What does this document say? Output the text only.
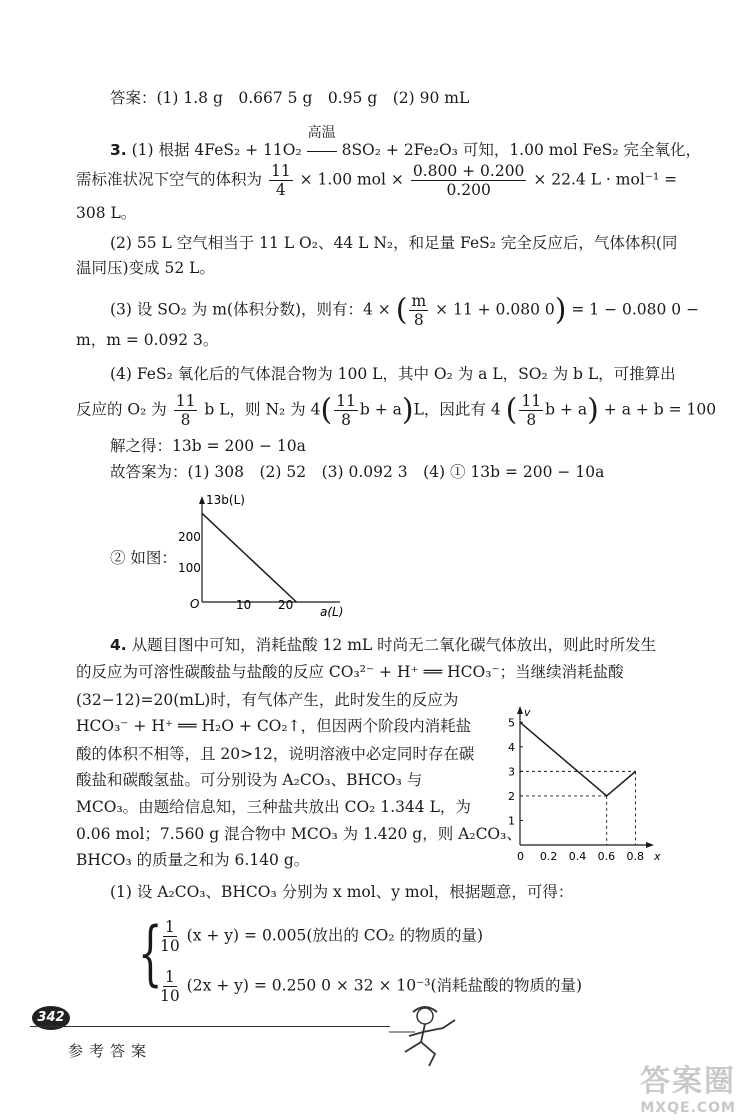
答案：(1) 1.8 g　0.667 5 g　0.95 g　(2) 90 mL
3. (1) 根据 4FeS₂ + 11O₂
高温
8SO₂ + 2Fe₂O₃ 可知，1.00 mol FeS₂ 完全氧化，
需标准状况下空气的体积为 $\frac{11}{4} \times 1.00$ mol × $\frac{0.800 + 0.200}{0.200} \times 22.4$ L · mol⁻¹ =
308 L。
(2) 55 L 空气相当于 11 L O₂、44 L N₂，和足量 FeS₂ 完全反应后，气体体积(同
温同压)变成 52 L。
(3) 设 SO₂ 为 m(体积分数)，则有：4 × ( $\frac{m}{8} \times 11 + 0.080$ 0) = 1 − 0.080 0 −
m，m = 0.092 3。
(4) FeS₂ 氧化后的气体混合物为 100 L，其中 O₂ 为 a L，SO₂ 为 b L，可推算出
反应的 O₂ 为 $\frac{11}{8}$ b L，则 N₂ 为 $4( \frac{11}{8}$ b + a)L，因此有 4 ( $\frac{11}{8}$ b + a) + a + b = 100
解之得：13b = 200 − 10a
故答案为：(1) 308　(2) 52　(3) 0.092 3　(4) ① 13b = 200 − 10a
② 如图：
13b(L)
a(L)
O
100
200
10 20
4. 从题目图中可知，消耗盐酸 12 mL 时尚无二氧化碳气体放出，则此时所发生
的反应为可溶性碳酸盐与盐酸的反应 CO₃²⁻ + H⁺ ══ HCO₃⁻；当继续消耗盐酸
(32−12)=20(mL)时，有气体产生，此时发生的反应为
HCO₃⁻ + H⁺ ══ H₂O + CO₂↑，但因两个阶段内消耗盐
酸的体积不相等，且 20>12，说明溶液中必定同时存在碳
酸盐和碳酸氢盐。可分别设为 A₂CO₃、BHCO₃ 与
MCO₃。由题给信息知，三种盐共放出 CO₂ 1.344 L，为
0.06 mol；7.560 g 混合物中 MCO₃ 为 1.420 g，则 A₂CO₃、
BHCO₃ 的质量之和为 6.140 g。
v
x
1
2
3
4
5
0 0.2 0.4 0.6 0.8
(1) 设 A₂CO₃、BHCO₃ 分别为 x mol、y mol，根据题意，可得：
{
$\frac{1}{10} (x + y) = 0.005$(放出的 CO₂ 的物质的量)
$\frac{1}{10} (2x + y) = 0.250$ 0 × 32 × 10⁻³(消耗盐酸的物质的量)
342
参考答案
答案圈
MXQE.COM
